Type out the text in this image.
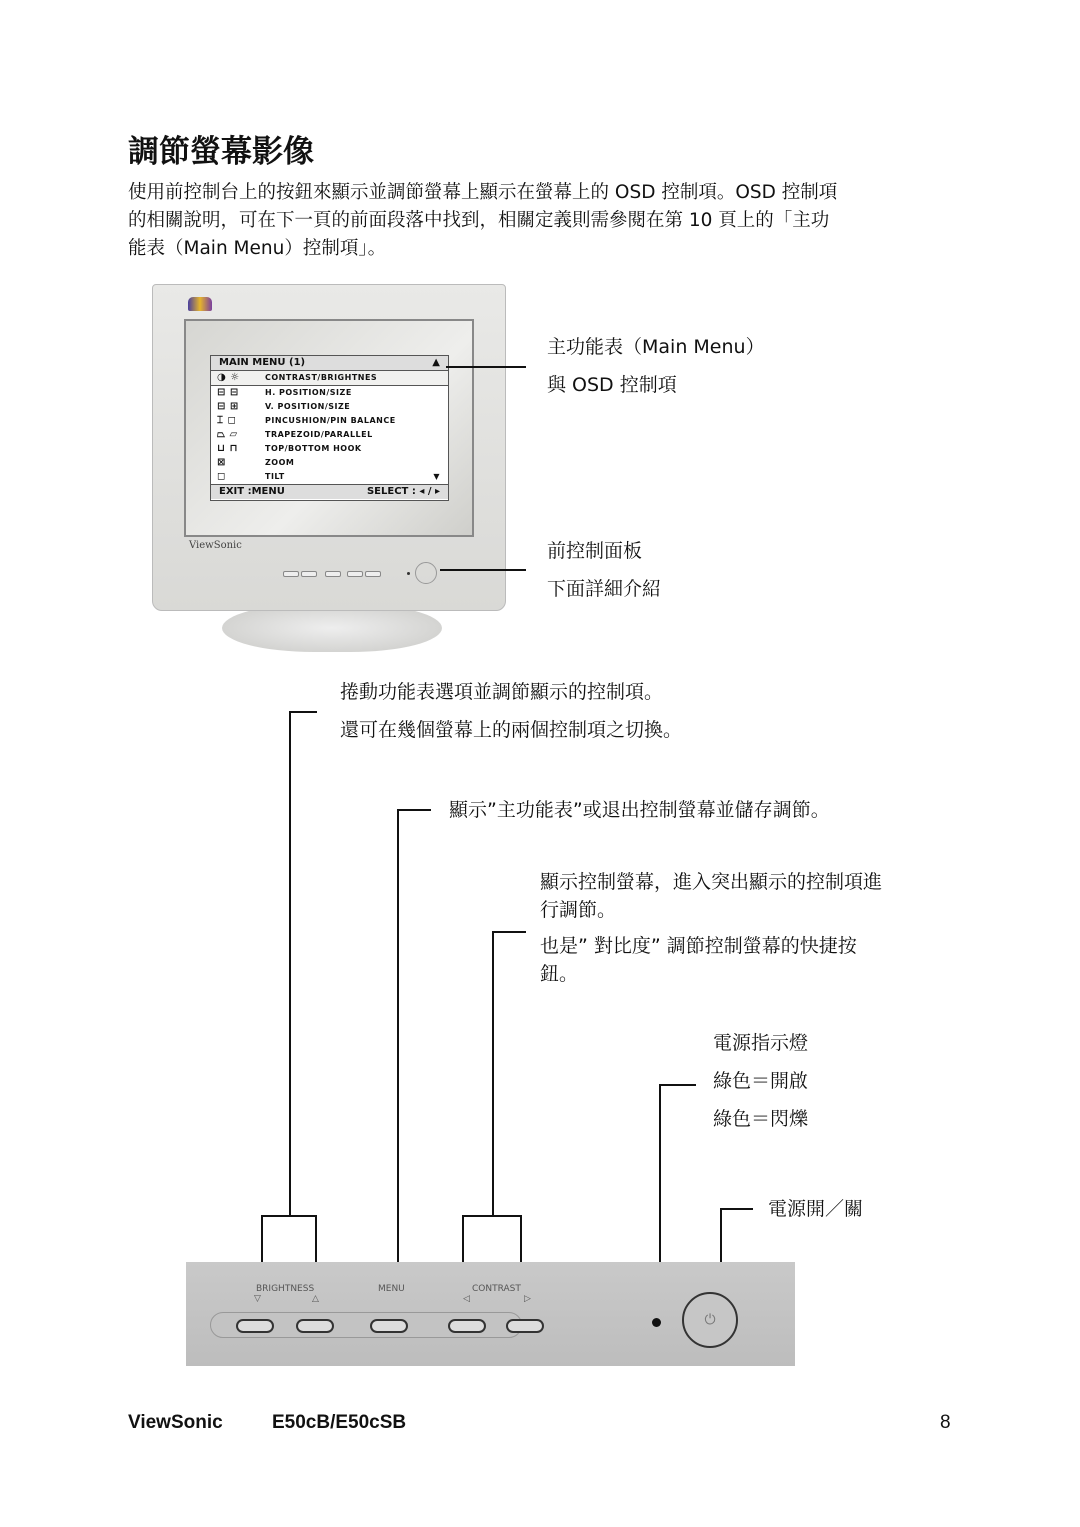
調節螢幕影像
使用前控制台上的按鈕來顯示並調節螢幕上顯示在螢幕上的 OSD 控制項。OSD 控制項
的相關說明，可在下一頁的前面段落中找到，相關定義則需參閱在第 10 頁上的「主功
能表（Main Menu）控制項」。
MAIN MENU (1)	▲
◑ ☼	CONTRAST/BRIGHTNES
⊟ ⊟	H. POSITION/SIZE
⊟ ⊞	V. POSITION/SIZE
⌶ ◻	PINCUSHION/PIN BALANCE
⏢ ▱	TRAPEZOID/PARALLEL
⊔ ⊓	TOP/BOTTOM HOOK
⊠	ZOOM
◻	TILT	▼
EXIT :MENU	SELECT : ◂ / ▸
ViewSonic
主功能表（Main Menu）
與 OSD 控制項
前控制面板
下面詳細介紹
捲動功能表選項並調節顯示的控制項。
還可在幾個螢幕上的兩個控制項之切換。
顯示”主功能表”或退出控制螢幕並儲存調節。
顯示控制螢幕，進入突出顯示的控制項進
行調節。
也是” 對比度” 調節控制螢幕的快捷按
鈕。
電源指示燈
綠色＝開啟
綠色＝閃爍
電源開／關
BRIGHTNESS	MENU	CONTRAST
▽	△	◁	▷
⏻
ViewSonic	E50cB/E50cSB	8
